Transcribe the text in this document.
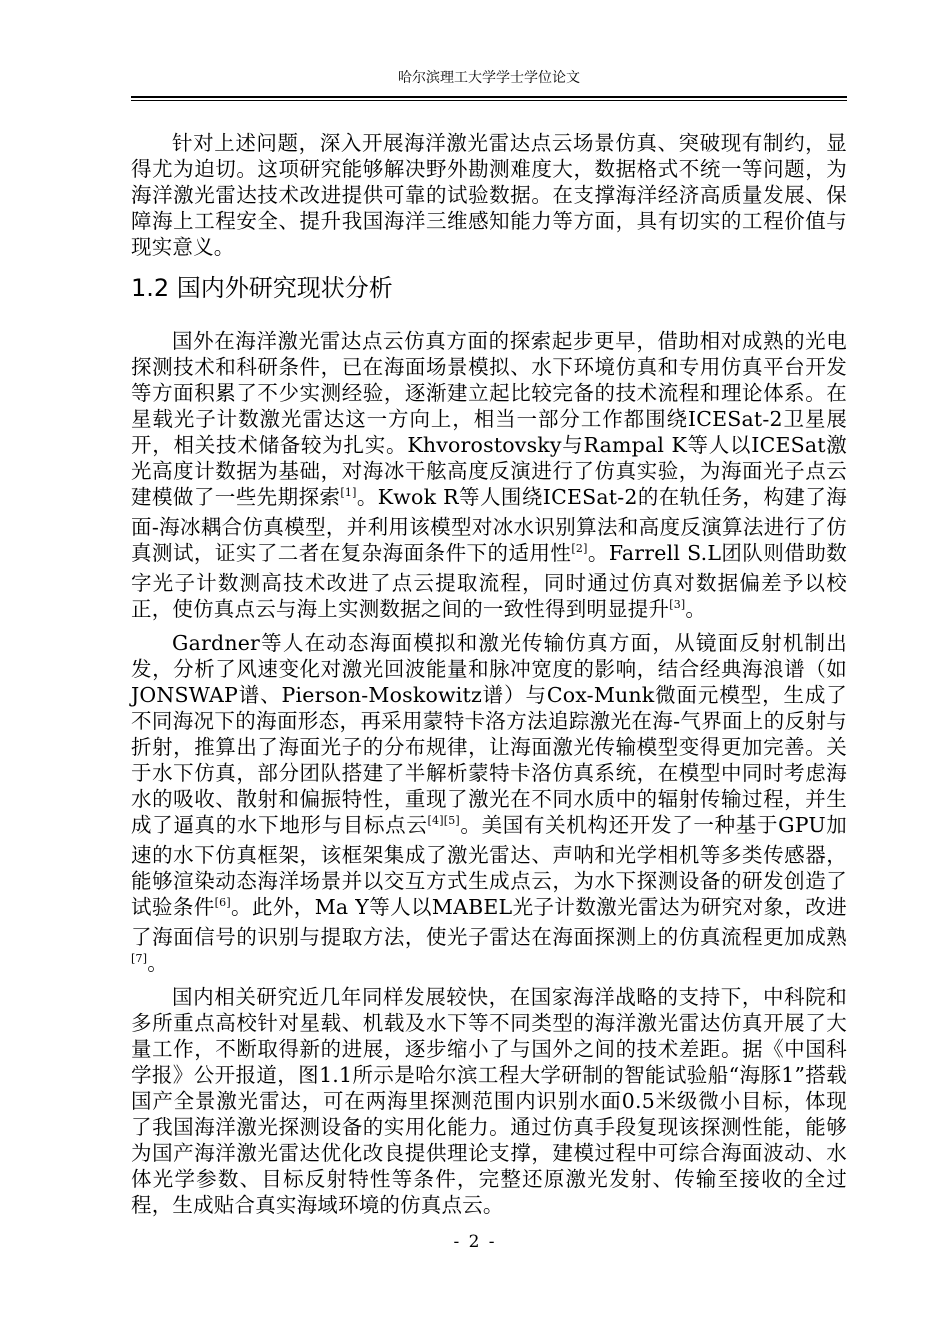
哈尔滨理工大学学士学位论文

针对上述问题，深入开展海洋激光雷达点云场景仿真、突破现有制约，显得尤为迫切。这项研究能够解决野外勘测难度大，数据格式不统一等问题，为海洋激光雷达技术改进提供可靠的试验数据。在支撑海洋经济高质量发展、保障海上工程安全、提升我国海洋三维感知能力等方面，具有切实的工程价值与现实意义。

1.2 国内外研究现状分析

国外在海洋激光雷达点云仿真方面的探索起步更早，借助相对成熟的光电探测技术和科研条件，已在海面场景模拟、水下环境仿真和专用仿真平台开发等方面积累了不少实测经验，逐渐建立起比较完备的技术流程和理论体系。在星载光子计数激光雷达这一方向上，相当一部分工作都围绕ICESat-2卫星展开，相关技术储备较为扎实。Khvorostovsky与Rampal K等人以ICESat激光高度计数据为基础，对海冰干舷高度反演进行了仿真实验，为海面光子点云建模做了一些先期探索[1]。Kwok R等人围绕ICESat-2的在轨任务，构建了海面-海冰耦合仿真模型，并利用该模型对冰水识别算法和高度反演算法进行了仿真测试，证实了二者在复杂海面条件下的适用性[2]。Farrell S.L团队则借助数字光子计数测高技术改进了点云提取流程，同时通过仿真对数据偏差予以校正，使仿真点云与海上实测数据之间的一致性得到明显提升[3]。

Gardner等人在动态海面模拟和激光传输仿真方面，从镜面反射机制出发，分析了风速变化对激光回波能量和脉冲宽度的影响，结合经典海浪谱（如JONSWAP谱、Pierson-Moskowitz谱）与Cox-Munk微面元模型，生成了不同海况下的海面形态，再采用蒙特卡洛方法追踪激光在海-气界面上的反射与折射，推算出了海面光子的分布规律，让海面激光传输模型变得更加完善。关于水下仿真，部分团队搭建了半解析蒙特卡洛仿真系统，在模型中同时考虑海水的吸收、散射和偏振特性，重现了激光在不同水质中的辐射传输过程，并生成了逼真的水下地形与目标点云[4][5]。美国有关机构还开发了一种基于GPU加速的水下仿真框架，该框架集成了激光雷达、声呐和光学相机等多类传感器，能够渲染动态海洋场景并以交互方式生成点云，为水下探测设备的研发创造了试验条件[6]。此外，Ma Y等人以MABEL光子计数激光雷达为研究对象，改进了海面信号的识别与提取方法，使光子雷达在海面探测上的仿真流程更加成熟[7]。

国内相关研究近几年同样发展较快，在国家海洋战略的支持下，中科院和多所重点高校针对星载、机载及水下等不同类型的海洋激光雷达仿真开展了大量工作，不断取得新的进展，逐步缩小了与国外之间的技术差距。据《中国科学报》公开报道，图1.1所示是哈尔滨工程大学研制的智能试验船“海豚1”搭载国产全景激光雷达，可在两海里探测范围内识别水面0.5米级微小目标，体现了我国海洋激光探测设备的实用化能力。通过仿真手段复现该探测性能，能够为国产海洋激光雷达优化改良提供理论支撑，建模过程中可综合海面波动、水体光学参数、目标反射特性等条件，完整还原激光发射、传输至接收的全过程，生成贴合真实海域环境的仿真点云。

- 2 -
